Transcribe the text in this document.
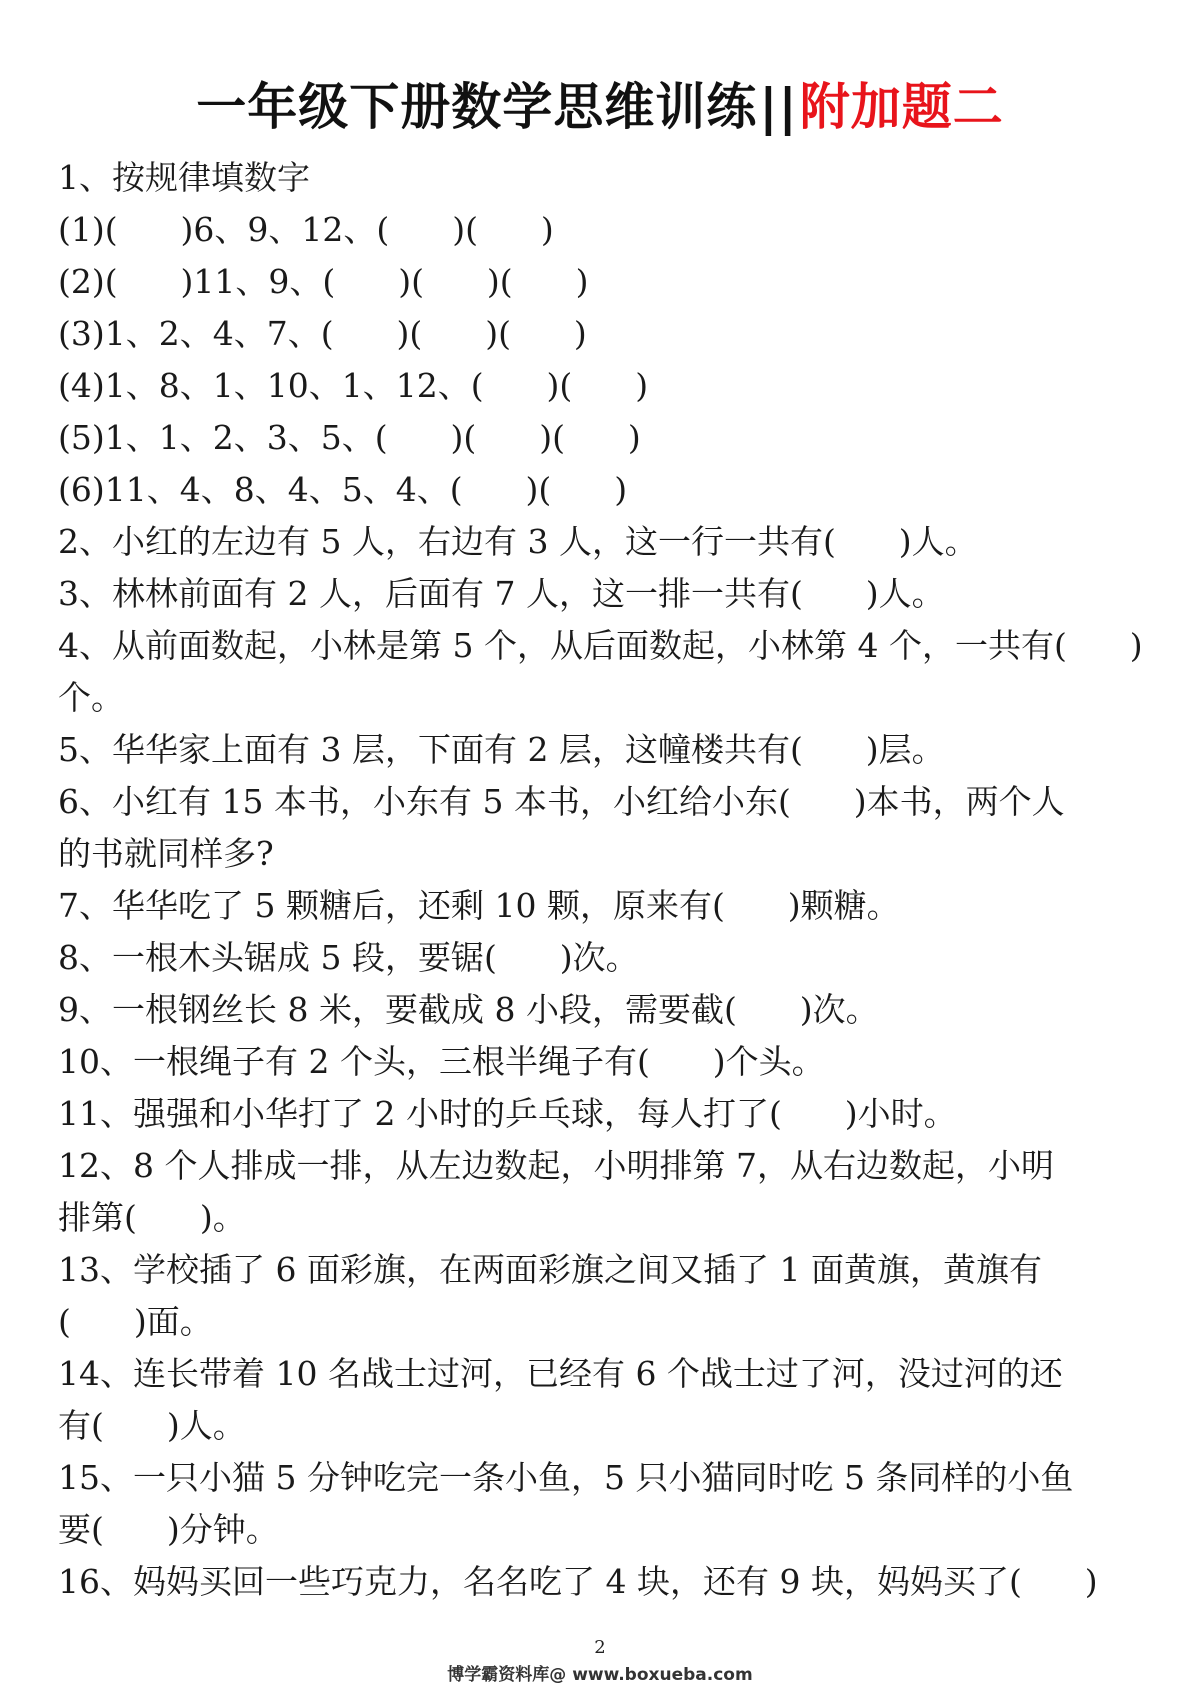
一年级下册数学思维训练||附加题二
1、按规律填数字
(1)(      )6、9、12、(      )(      )
(2)(      )11、9、(      )(      )(      )
(3)1、2、4、7、(      )(      )(      )
(4)1、8、1、10、1、12、(      )(      )
(5)1、1、2、3、5、(      )(      )(      )
(6)11、4、8、4、5、4、(      )(      )
2、小红的左边有 5 人，右边有 3 人，这一行一共有(      )人。
3、林林前面有 2 人，后面有 7 人，这一排一共有(      )人。
4、从前面数起，小林是第 5 个，从后面数起，小林第 4 个，一共有(      )
个。
5、华华家上面有 3 层，下面有 2 层，这幢楼共有(      )层。
6、小红有 15 本书，小东有 5 本书，小红给小东(      )本书，两个人
的书就同样多?
7、华华吃了 5 颗糖后，还剩 10 颗，原来有(      )颗糖。
8、一根木头锯成 5 段，要锯(      )次。
9、一根钢丝长 8 米，要截成 8 小段，需要截(      )次。
10、一根绳子有 2 个头，三根半绳子有(      )个头。
11、强强和小华打了 2 小时的乒乓球，每人打了(      )小时。
12、8 个人排成一排，从左边数起，小明排第 7，从右边数起，小明
排第(      )。
13、学校插了 6 面彩旗，在两面彩旗之间又插了 1 面黄旗，黄旗有
(      )面。
14、连长带着 10 名战士过河，已经有 6 个战士过了河，没过河的还
有(      )人。
15、一只小猫 5 分钟吃完一条小鱼，5 只小猫同时吃 5 条同样的小鱼
要(      )分钟。
16、妈妈买回一些巧克力，名名吃了 4 块，还有 9 块，妈妈买了(      )
2
博学霸资料库@ www.boxueba.com
